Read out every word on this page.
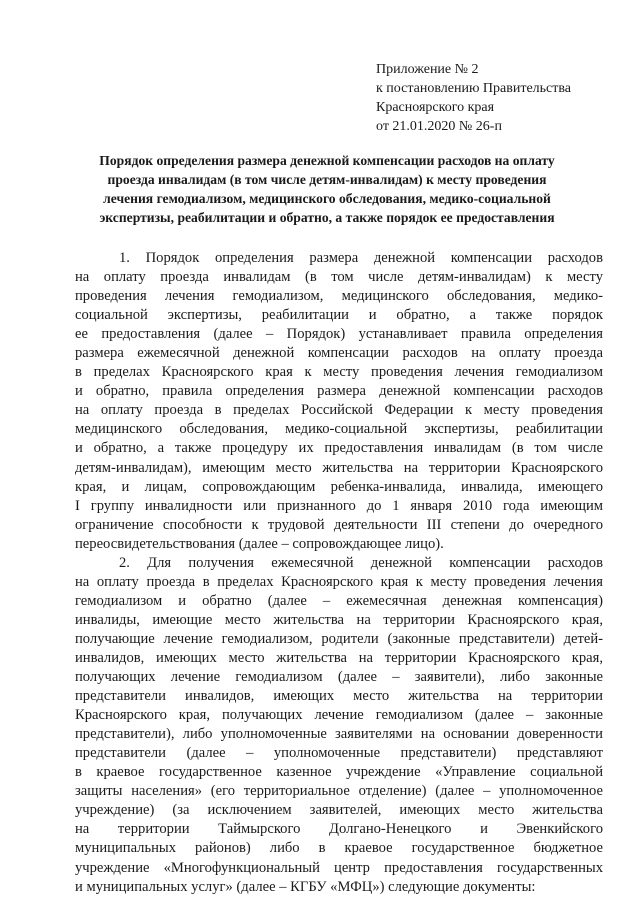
Приложение № 2
к постановлению Правительства
Красноярского края
от 21.01.2020 № 26-п
Порядок определения размера денежной компенсации расходов на оплату
проезда инвалидам (в том числе детям-инвалидам) к месту проведения
лечения гемодиализом, медицинского обследования, медико-социальной
экспертизы, реабилитации и обратно, а также порядок ее предоставления
1. Порядок определения размера денежной компенсации расходов
на оплату проезда инвалидам (в том числе детям-инвалидам) к месту
проведения лечения гемодиализом, медицинского обследования, медико-
социальной экспертизы, реабилитации и обратно, а также порядок
ее предоставления (далее – Порядок) устанавливает правила определения
размера ежемесячной денежной компенсации расходов на оплату проезда
в пределах Красноярского края к месту проведения лечения гемодиализом
и обратно, правила определения размера денежной компенсации расходов
на оплату проезда в пределах Российской Федерации к месту проведения
медицинского обследования, медико-социальной экспертизы, реабилитации
и обратно, а также процедуру их предоставления инвалидам (в том числе
детям-инвалидам), имеющим место жительства на территории Красноярского
края, и лицам, сопровождающим ребенка-инвалида, инвалида, имеющего
I группу инвалидности или признанного до 1 января 2010 года имеющим
ограничение способности к трудовой деятельности III степени до очередного
переосвидетельствования (далее – сопровождающее лицо).
2. Для получения ежемесячной денежной компенсации расходов
на оплату проезда в пределах Красноярского края к месту проведения лечения
гемодиализом и обратно (далее – ежемесячная денежная компенсация)
инвалиды, имеющие место жительства на территории Красноярского края,
получающие лечение гемодиализом, родители (законные представители) детей-
инвалидов, имеющих место жительства на территории Красноярского края,
получающих лечение гемодиализом (далее – заявители), либо законные
представители инвалидов, имеющих место жительства на территории
Красноярского края, получающих лечение гемодиализом (далее – законные
представители), либо уполномоченные заявителями на основании доверенности
представители (далее – уполномоченные представители) представляют
в краевое государственное казенное учреждение «Управление социальной
защиты населения» (его территориальное отделение) (далее – уполномоченное
учреждение) (за исключением заявителей, имеющих место жительства
на территории Таймырского Долгано-Ненецкого и Эвенкийского
муниципальных районов) либо в краевое государственное бюджетное
учреждение «Многофункциональный центр предоставления государственных
и муниципальных услуг» (далее – КГБУ «МФЦ») следующие документы:
